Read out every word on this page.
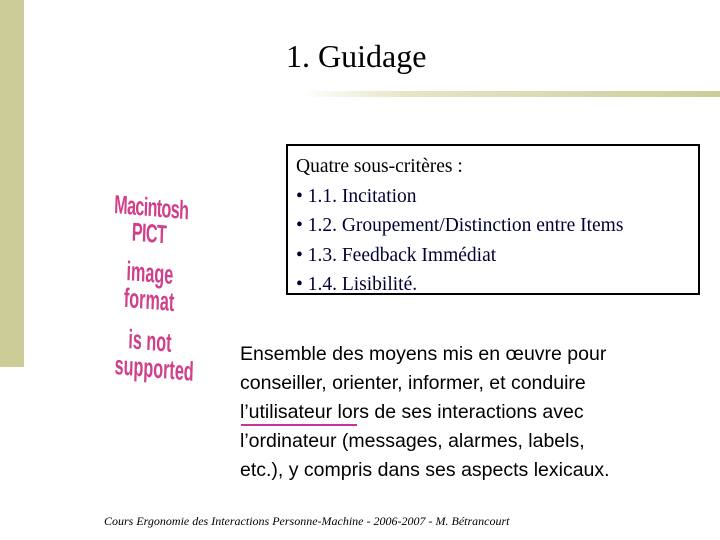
1. Guidage
Macintosh PICT
image format
is not supported
Quatre sous-critères :
• 1.1. Incitation
• 1.2. Groupement/Distinction entre Items
• 1.3. Feedback Immédiat
• 1.4. Lisibilité.
Ensemble des moyens mis en œuvre pour
conseiller, orienter, informer, et conduire
l’utilisateur lors de ses interactions avec
l’ordinateur (messages, alarmes, labels,
etc.), y compris dans ses aspects lexicaux.
Cours Ergonomie des Interactions Personne-Machine - 2006-2007 - M. Bétrancourt
